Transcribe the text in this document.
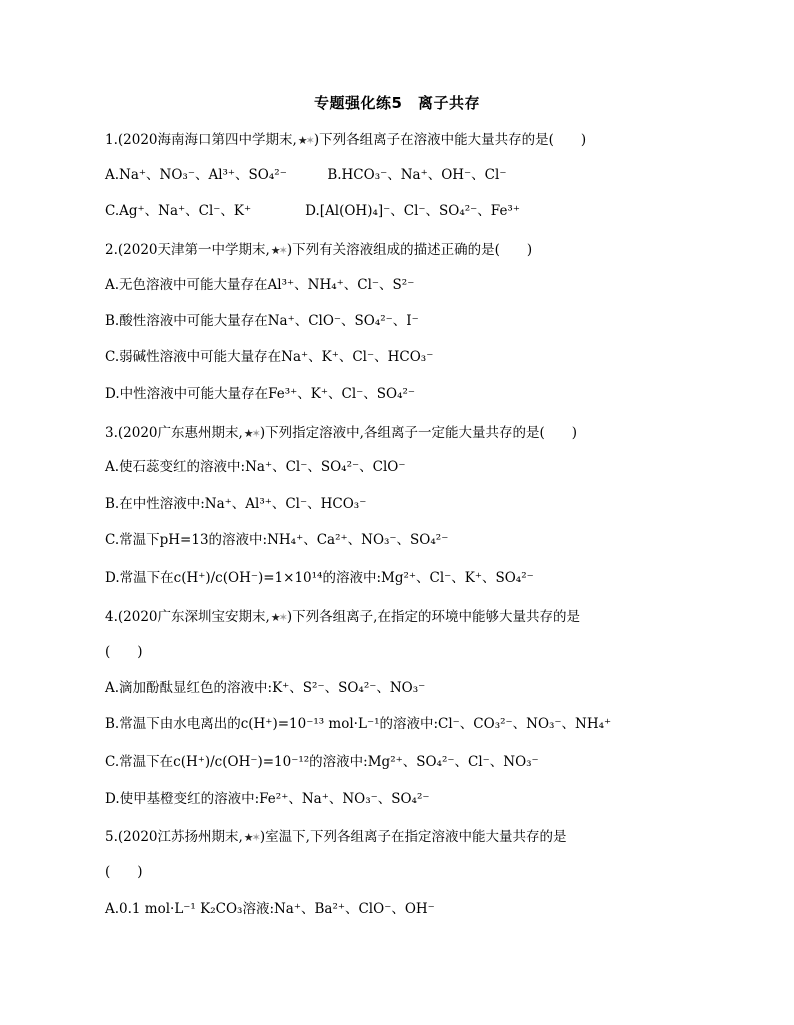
专题强化练5　离子共存
1.(2020海南海口第四中学期末,★✶)下列各组离子在溶液中能大量共存的是(　　)
A.Na⁺、NO₃⁻、Al³⁺、SO₄²⁻　　　B.HCO₃⁻、Na⁺、OH⁻、Cl⁻
C.Ag⁺、Na⁺、Cl⁻、K⁺　　　　D.[Al(OH)₄]⁻、Cl⁻、SO₄²⁻、Fe³⁺
2.(2020天津第一中学期末,★✶)下列有关溶液组成的描述正确的是(　　)
A.无色溶液中可能大量存在Al³⁺、NH₄⁺、Cl⁻、S²⁻
B.酸性溶液中可能大量存在Na⁺、ClO⁻、SO₄²⁻、I⁻
C.弱碱性溶液中可能大量存在Na⁺、K⁺、Cl⁻、HCO₃⁻
D.中性溶液中可能大量存在Fe³⁺、K⁺、Cl⁻、SO₄²⁻
3.(2020广东惠州期末,★✶)下列指定溶液中,各组离子一定能大量共存的是(　　)
A.使石蕊变红的溶液中:Na⁺、Cl⁻、SO₄²⁻、ClO⁻
B.在中性溶液中:Na⁺、Al³⁺、Cl⁻、HCO₃⁻
C.常温下pH=13的溶液中:NH₄⁺、Ca²⁺、NO₃⁻、SO₄²⁻
D.常温下在c(H⁺)/c(OH⁻)=1×10¹⁴的溶液中:Mg²⁺、Cl⁻、K⁺、SO₄²⁻
4.(2020广东深圳宝安期末,★✶)下列各组离子,在指定的环境中能够大量共存的是
(　　)
A.滴加酚酞显红色的溶液中:K⁺、S²⁻、SO₄²⁻、NO₃⁻
B.常温下由水电离出的c(H⁺)=10⁻¹³ mol·L⁻¹的溶液中:Cl⁻、CO₃²⁻、NO₃⁻、NH₄⁺
C.常温下在c(H⁺)/c(OH⁻)=10⁻¹²的溶液中:Mg²⁺、SO₄²⁻、Cl⁻、NO₃⁻
D.使甲基橙变红的溶液中:Fe²⁺、Na⁺、NO₃⁻、SO₄²⁻
5.(2020江苏扬州期末,★✶)室温下,下列各组离子在指定溶液中能大量共存的是
(　　)
A.0.1 mol·L⁻¹ K₂CO₃溶液:Na⁺、Ba²⁺、ClO⁻、OH⁻
